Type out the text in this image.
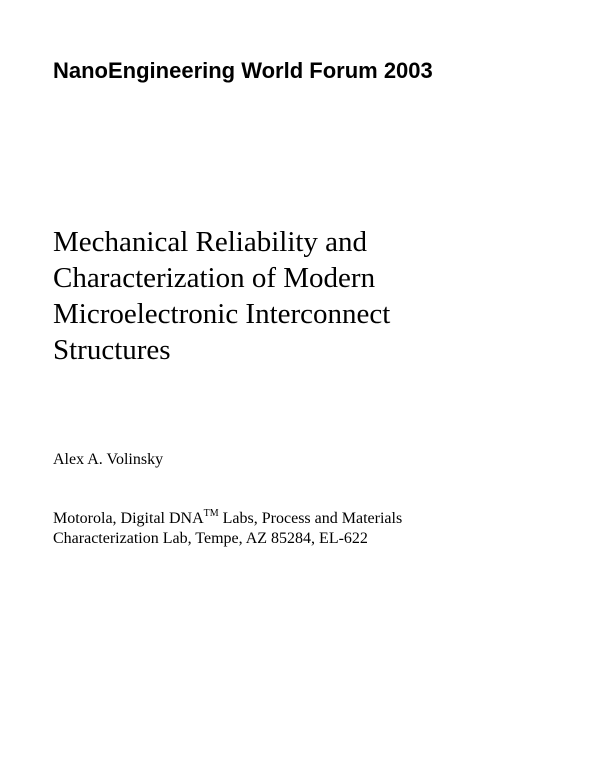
NanoEngineering World Forum 2003
Mechanical Reliability and
Characterization of Modern
Microelectronic Interconnect
Structures

Alex A. Volinsky

Motorola, Digital DNA™ Labs, Process and Materials
Characterization Lab, Tempe, AZ 85284, EL-622
